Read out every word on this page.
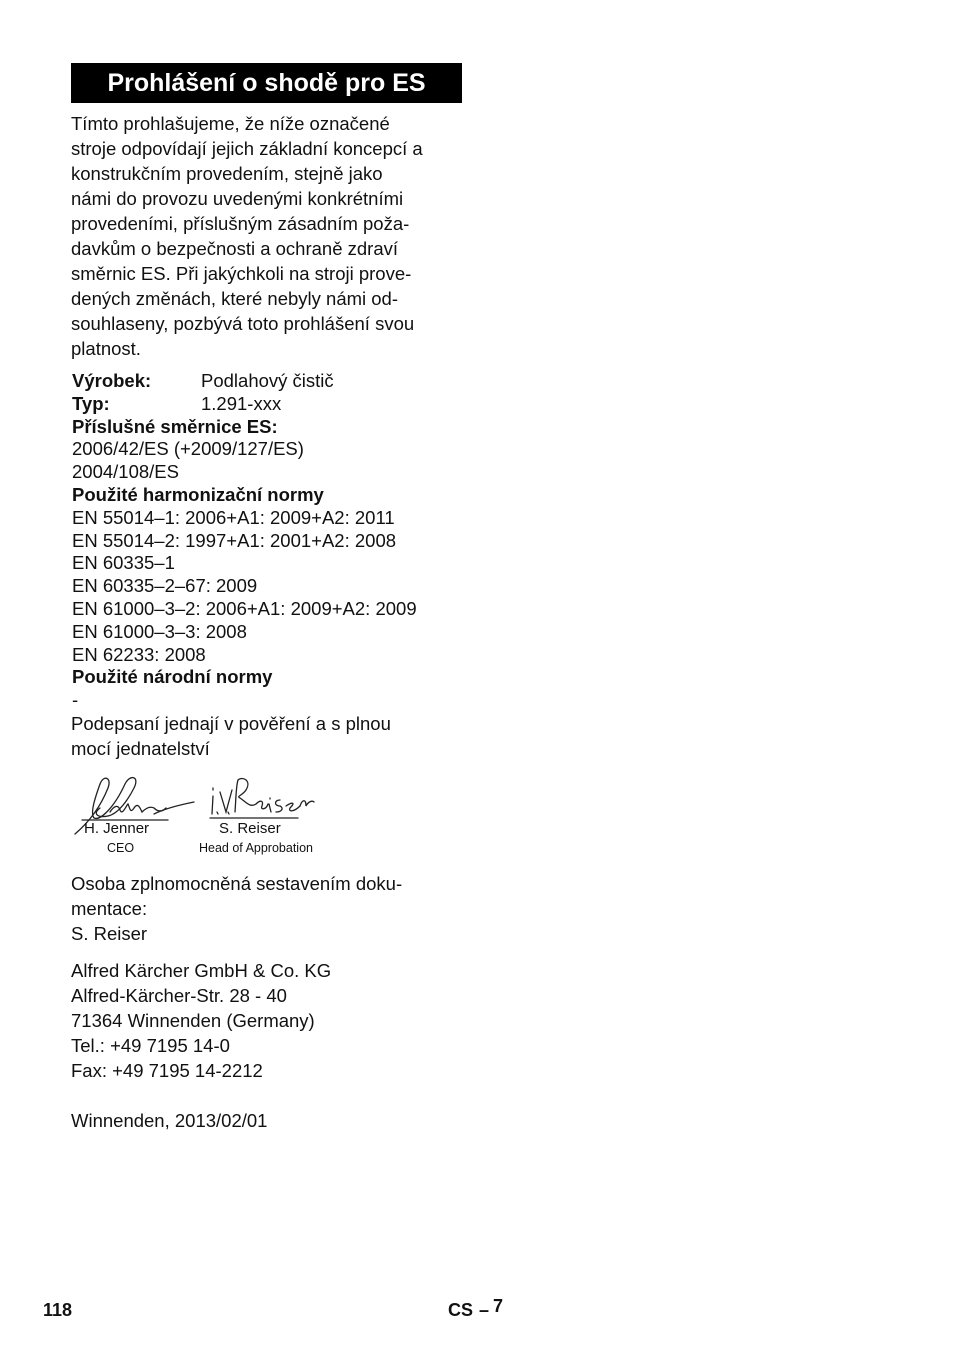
Prohlášení o shodě pro ES
Tímto prohlašujeme, že níže označené
stroje odpovídají jejich základní koncepcí a
konstrukčním provedením, stejně jako
námi do provozu uvedenými konkrétními
provedeními, příslušným zásadním poža-
davkům o bezpečnosti a ochraně zdraví
směrnic ES. Při jakýchkoli na stroji prove-
dených změnách, které nebyly námi od-
souhlaseny, pozbývá toto prohlášení svou
platnost.
Výrobek:	Podlahový čistič
Typ:	1.291-xxx
Příslušné směrnice ES:
2006/42/ES (+2009/127/ES)
2004/108/ES
Použité harmonizační normy
EN 55014–1: 2006+A1: 2009+A2: 2011
EN 55014–2: 1997+A1: 2001+A2: 2008
EN 60335–1
EN 60335–2–67: 2009
EN 61000–3–2: 2006+A1: 2009+A2: 2009
EN 61000–3–3: 2008
EN 62233: 2008
Použité národní normy
-
Podepsaní jednají v pověření a s plnou
mocí jednatelství
H. Jenner
CEO
S. Reiser
Head of Approbation
Osoba zplnomocněná sestavením doku-
mentace:
S. Reiser
Alfred Kärcher GmbH & Co. KG
Alfred-Kärcher-Str. 28 - 40
71364 Winnenden (Germany)
Tel.: +49 7195 14-0
Fax: +49 7195 14-2212
Winnenden, 2013/02/01
118	CS – 7
